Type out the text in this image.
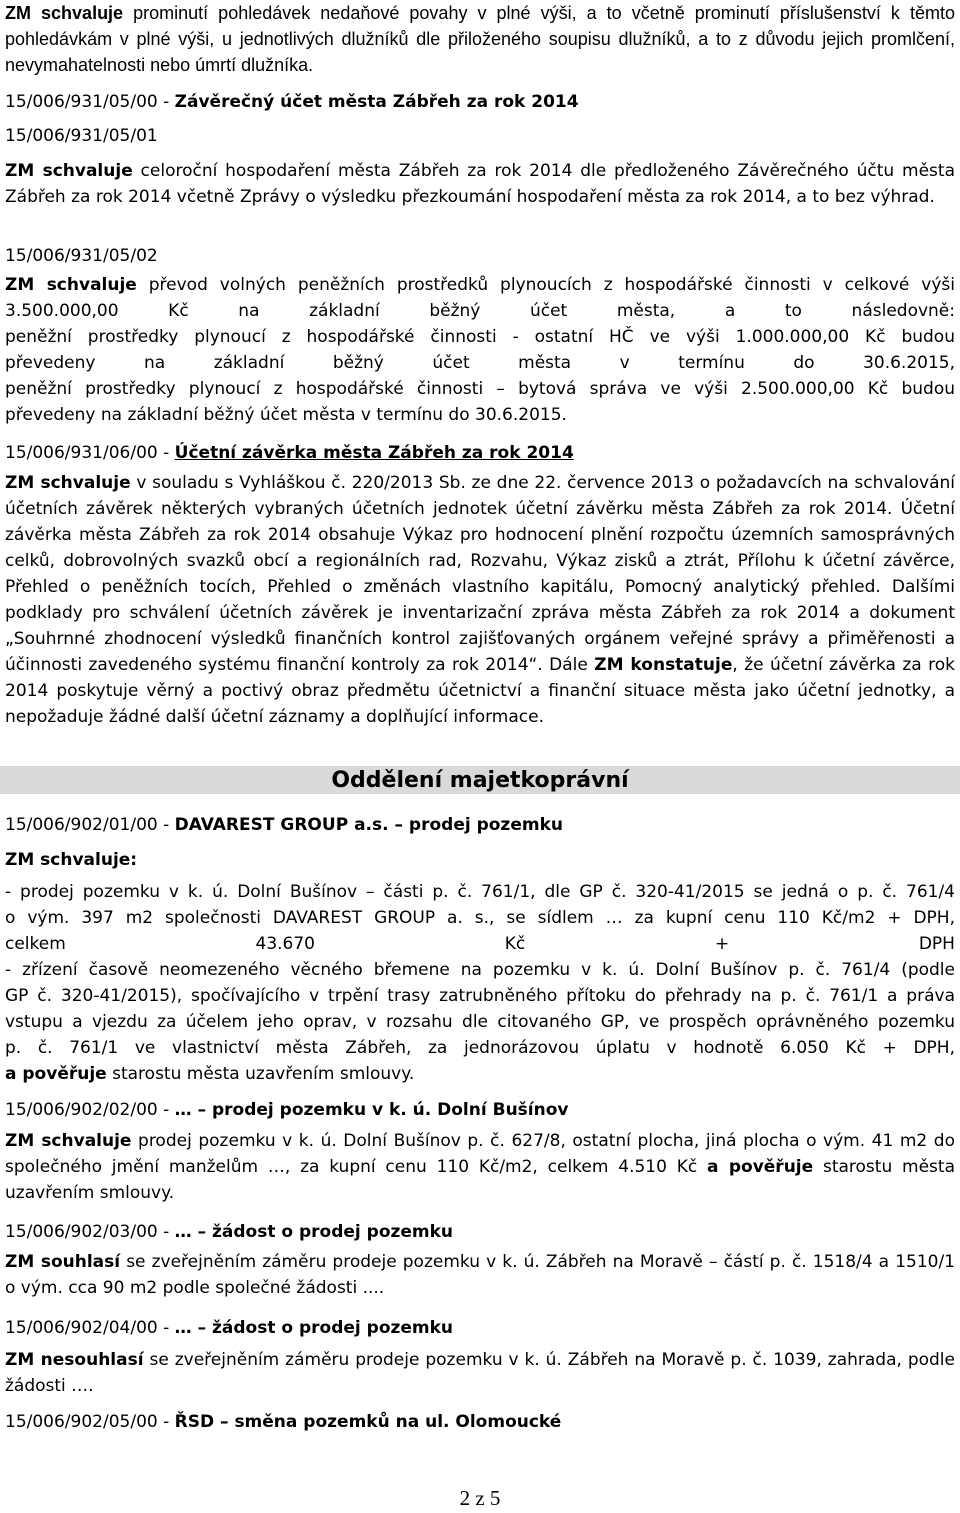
ZM schvaluje prominutí pohledávek nedaňové povahy v plné výši, a to včetně prominutí příslušenství k těmto pohledávkám v plné výši, u jednotlivých dlužníků dle přiloženého soupisu dlužníků, a to z důvodu jejich promlčení, nevymahatelnosti nebo úmrtí dlužníka.
15/006/931/05/00 - Závěrečný účet města Zábřeh za rok 2014
15/006/931/05/01
ZM schvaluje celoroční hospodaření města Zábřeh za rok 2014 dle předloženého Závěrečného účtu města Zábřeh za rok 2014 včetně Zprávy o výsledku přezkoumání hospodaření města za rok 2014, a to bez výhrad.
15/006/931/05/02
ZM schvaluje převod volných peněžních prostředků plynoucích z hospodářské činnosti v celkové výši
3.500.000,00 Kč na základní běžný účet města, a to následovně:
peněžní prostředky plynoucí z hospodářské činnosti - ostatní HČ ve výši 1.000.000,00 Kč budou
převedeny na základní běžný účet města v termínu do 30.6.2015,
peněžní prostředky plynoucí z hospodářské činnosti – bytová správa ve výši 2.500.000,00 Kč budou
převedeny na základní běžný účet města v termínu do 30.6.2015.
15/006/931/06/00 - Účetní závěrka města Zábřeh za rok 2014
ZM schvaluje v souladu s Vyhláškou č. 220/2013 Sb. ze dne 22. července 2013 o požadavcích na schvalování účetních závěrek některých vybraných účetních jednotek účetní závěrku města Zábřeh za rok 2014. Účetní závěrka města Zábřeh za rok 2014 obsahuje Výkaz pro hodnocení plnění rozpočtu územních samosprávných celků, dobrovolných svazků obcí a regionálních rad, Rozvahu, Výkaz zisků a ztrát, Přílohu k účetní závěrce, Přehled o peněžních tocích, Přehled o změnách vlastního kapitálu, Pomocný analytický přehled. Dalšími podklady pro schválení účetních závěrek je inventarizační zpráva města Zábřeh za rok 2014 a dokument „Souhrnné zhodnocení výsledků finančních kontrol zajišťovaných orgánem veřejné správy a přiměřenosti a účinnosti zavedeného systému finanční kontroly za rok 2014“. Dále ZM konstatuje, že účetní závěrka za rok 2014 poskytuje věrný a poctivý obraz předmětu účetnictví a finanční situace města jako účetní jednotky, a nepožaduje žádné další účetní záznamy a doplňující informace.
Oddělení majetkoprávní
15/006/902/01/00 - DAVAREST GROUP a.s. – prodej pozemku
ZM schvaluje:
- prodej pozemku v k. ú. Dolní Bušínov – části p. č. 761/1, dle GP č. 320-41/2015 se jedná o p. č. 761/4
o vým. 397 m2 společnosti DAVAREST GROUP a. s., se sídlem … za kupní cenu 110 Kč/m2 + DPH,
celkem	43.670	Kč	+	DPH
- zřízení časově neomezeného věcného břemene na pozemku v k. ú. Dolní Bušínov p. č. 761/4 (podle
GP č. 320-41/2015), spočívajícího v trpění trasy zatrubněného přítoku do přehrady na p. č. 761/1 a práva
vstupu a vjezdu za účelem jeho oprav, v rozsahu dle citovaného GP, ve prospěch oprávněného pozemku
p. č. 761/1 ve vlastnictví města Zábřeh, za jednorázovou úplatu v hodnotě 6.050 Kč + DPH,
a pověřuje starostu města uzavřením smlouvy.
15/006/902/02/00 - … – prodej pozemku v k. ú. Dolní Bušínov
ZM schvaluje prodej pozemku v k. ú. Dolní Bušínov p. č. 627/8, ostatní plocha, jiná plocha o vým. 41 m2 do společného jmění manželům …, za kupní cenu 110 Kč/m2, celkem 4.510 Kč a pověřuje starostu města uzavřením smlouvy.
15/006/902/03/00 - … – žádost o prodej pozemku
ZM souhlasí se zveřejněním záměru prodeje pozemku v k. ú. Zábřeh na Moravě – částí p. č. 1518/4 a 1510/1 o vým. cca 90 m2 podle společné žádosti ....
15/006/902/04/00 - … – žádost o prodej pozemku
ZM nesouhlasí se zveřejněním záměru prodeje pozemku v k. ú. Zábřeh na Moravě p. č. 1039, zahrada, podle žádosti ….
15/006/902/05/00 - ŘSD – směna pozemků na ul. Olomoucké
2 z 5
